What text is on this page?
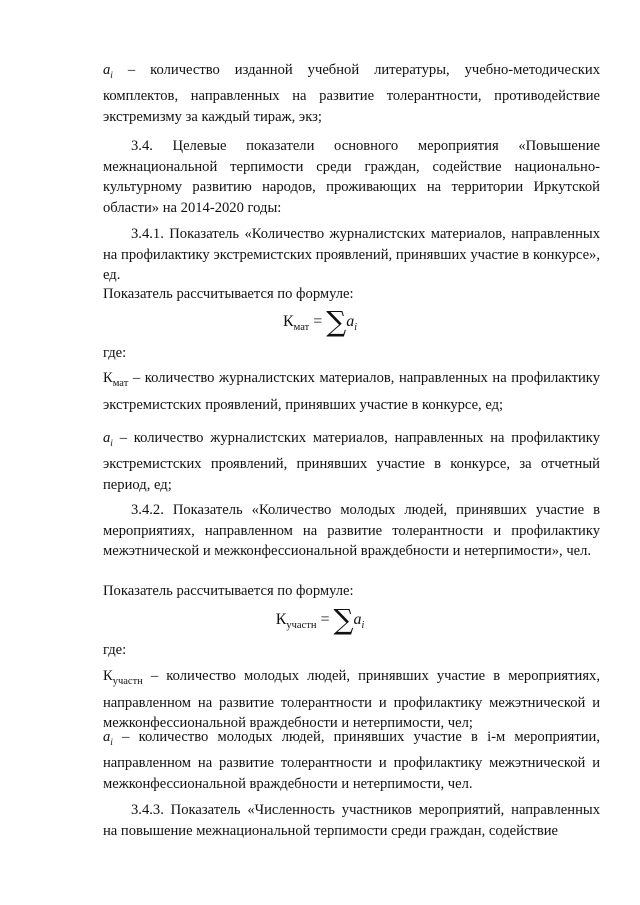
$a_i$ – количество изданной учебной литературы, учебно-методических комплектов, направленных на развитие толерантности, противодействие экстремизму за каждый тираж, экз;

3.4. Целевые показатели основного мероприятия «Повышение межнациональной терпимости среди граждан, содействие национально-культурному развитию народов, проживающих на территории Иркутской области» на 2014-2020 годы:

3.4.1. Показатель «Количество журналистских материалов, направленных на профилактику экстремистских проявлений, принявших участие в конкурсе», ед.

Показатель рассчитывается по формуле:

$К_{мат} = \sum a_i$

где:

$К_{мат}$ – количество журналистских материалов, направленных на профилактику экстремистских проявлений, принявших участие в конкурсе, ед;

$a_i$ – количество журналистских материалов, направленных на профилактику экстремистских проявлений, принявших участие в конкурсе, за отчетный период, ед;

3.4.2. Показатель «Количество молодых людей, принявших участие в мероприятиях, направленном на развитие толерантности и профилактику межэтнической и межконфессиональной враждебности и нетерпимости», чел.

Показатель рассчитывается по формуле:

$К_{участн} = \sum a_i$

где:

$К_{участн}$ – количество молодых людей, принявших участие в мероприятиях, направленном на развитие толерантности и профилактику межэтнической и межконфессиональной враждебности и нетерпимости, чел;

$a_i$ – количество молодых людей, принявших участие в i-м мероприятии, направленном на развитие толерантности и профилактику межэтнической и межконфессиональной враждебности и нетерпимости, чел.

3.4.3. Показатель «Численность участников мероприятий, направленных на повышение межнациональной терпимости среди граждан, содействие
